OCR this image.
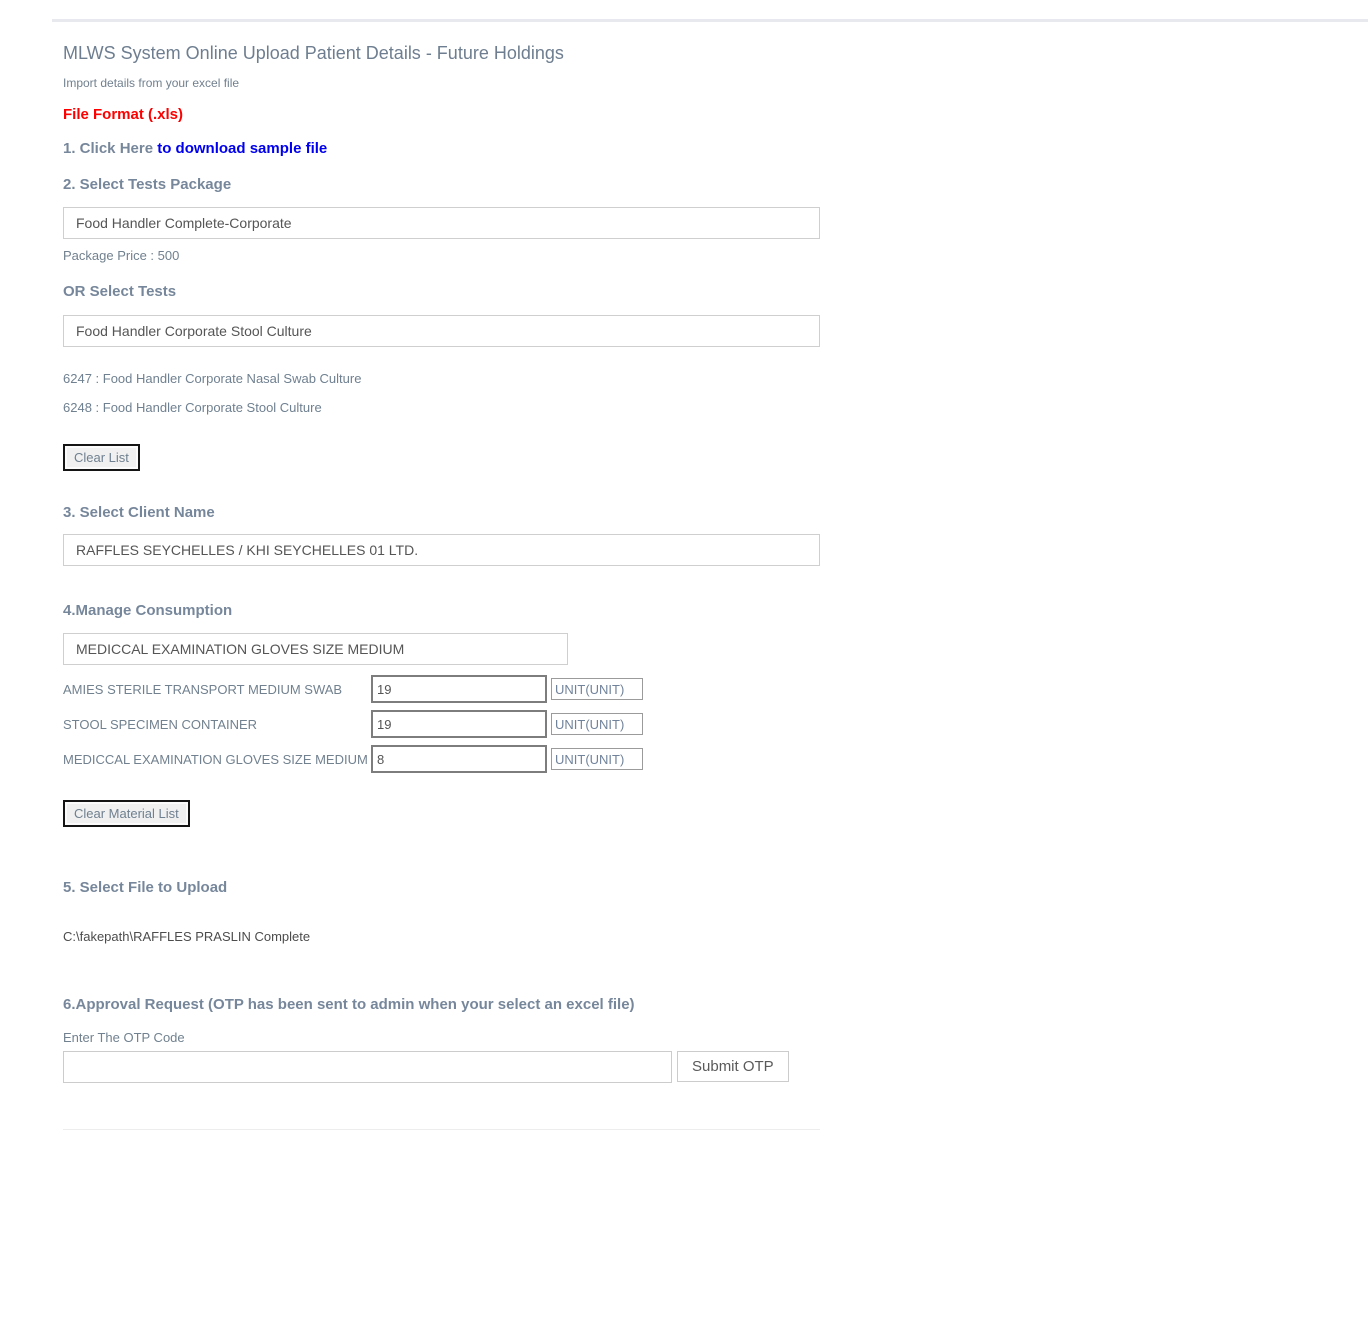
MLWS System Online Upload Patient Details - Future Holdings
Import details from your excel file
File Format (.xls)
1. Click Here to download sample file
2. Select Tests Package
Food Handler Complete-Corporate
Package Price : 500
OR Select Tests
Food Handler Corporate Stool Culture
6247 : Food Handler Corporate Nasal Swab Culture
6248 : Food Handler Corporate Stool Culture
Clear List
3. Select Client Name
RAFFLES SEYCHELLES / KHI SEYCHELLES 01 LTD.
4.Manage Consumption
MEDICCAL EXAMINATION GLOVES SIZE MEDIUM
AMIES STERILE TRANSPORT MEDIUM SWAB
19
UNIT(UNIT)
STOOL SPECIMEN CONTAINER
19
UNIT(UNIT)
MEDICCAL EXAMINATION GLOVES SIZE MEDIUM
8
UNIT(UNIT)
Clear Material List
5. Select File to Upload
C:\fakepath\RAFFLES PRASLIN Complete
6.Approval Request (OTP has been sent to admin when your select an excel file)
Enter The OTP Code
Submit OTP
